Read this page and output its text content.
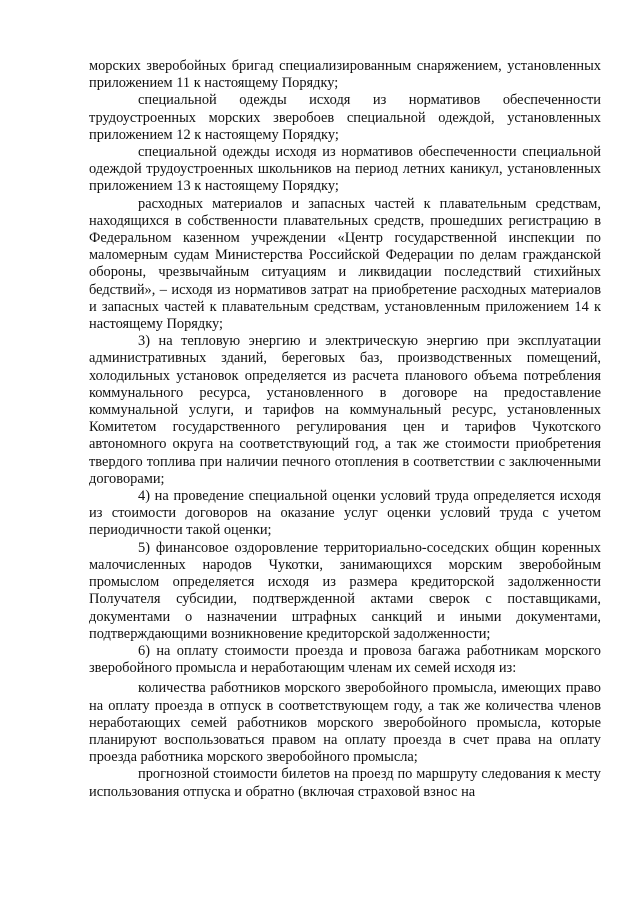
морских зверобойных бригад специализированным снаряжением, установленных приложением 11 к настоящему Порядку;

специальной одежды исходя из нормативов обеспеченности трудоустроенных морских зверобоев специальной одеждой, установленных приложением 12 к настоящему Порядку;

специальной одежды исходя из нормативов обеспеченности специальной одеждой трудоустроенных школьников на период летних каникул, установленных приложением 13 к настоящему Порядку;

расходных материалов и запасных частей к плавательным средствам, находящихся в собственности плавательных средств, прошедших регистрацию в Федеральном казенном учреждении «Центр государственной инспекции по маломерным судам Министерства Российской Федерации по делам гражданской обороны, чрезвычайным ситуациям и ликвидации последствий стихийных бедствий», – исходя из нормативов затрат на приобретение расходных материалов и запасных частей к плавательным средствам, установленным приложением 14 к настоящему Порядку;

3) на тепловую энергию и электрическую энергию при эксплуатации административных зданий, береговых баз, производственных помещений, холодильных установок определяется из расчета планового объема потребления коммунального ресурса, установленного в договоре на предоставление коммунальной услуги, и тарифов на коммунальный ресурс, установленных Комитетом государственного регулирования цен и тарифов Чукотского автономного округа на соответствующий год, а так же стоимости приобретения твердого топлива при наличии печного отопления в соответствии с заключенными договорами;

4) на проведение специальной оценки условий труда определяется исходя из стоимости договоров на оказание услуг оценки условий труда с учетом периодичности такой оценки;

5) финансовое оздоровление территориально-соседских общин коренных малочисленных народов Чукотки, занимающихся морским зверобойным промыслом определяется исходя из размера кредиторской задолженности Получателя субсидии, подтвержденной актами сверок с поставщиками, документами о назначении штрафных санкций и иными документами, подтверждающими возникновение кредиторской задолженности;

6) на оплату стоимости проезда и провоза багажа работникам морского зверобойного промысла и неработающим членам их семей исходя из:

количества работников морского зверобойного промысла, имеющих право на оплату проезда в отпуск в соответствующем году, а так же количества членов неработающих семей работников морского зверобойного промысла, которые планируют воспользоваться правом на оплату проезда в счет права на оплату проезда работника морского зверобойного промысла;

прогнозной стоимости билетов на проезд по маршруту следования к месту использования отпуска и обратно (включая страховой взнос на
